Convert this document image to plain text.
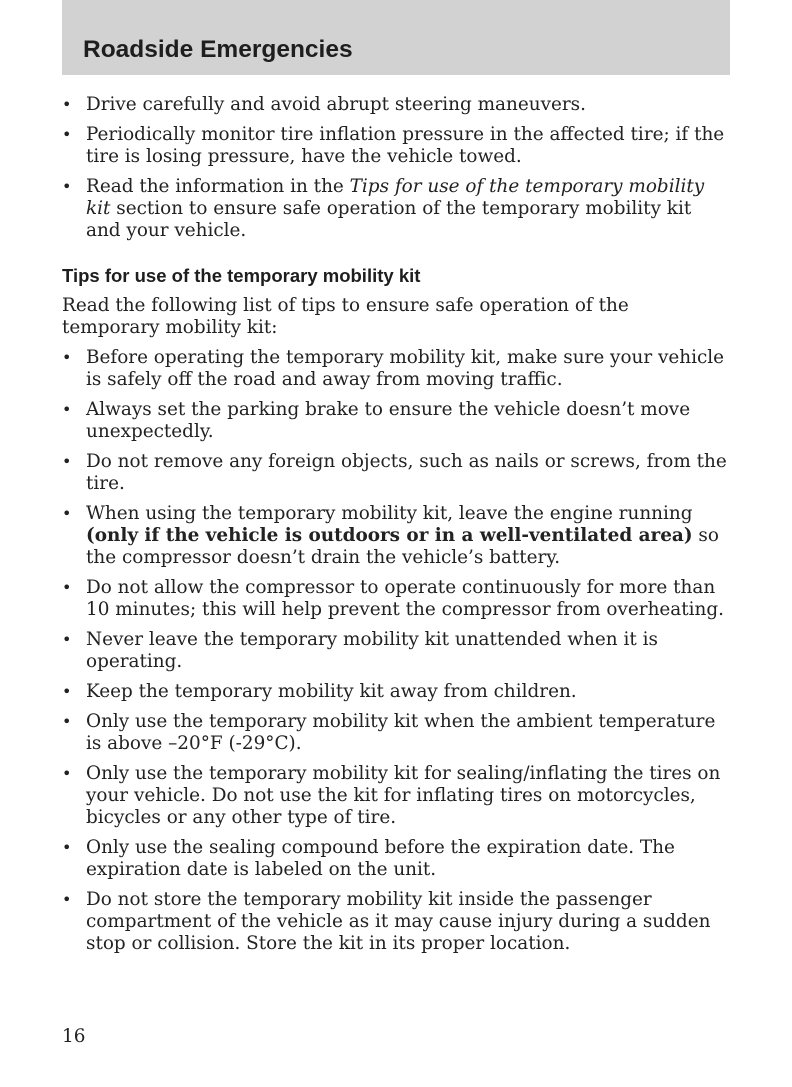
Roadside Emergencies
• Drive carefully and avoid abrupt steering maneuvers.
• Periodically monitor tire inflation pressure in the affected tire; if the tire is losing pressure, have the vehicle towed.
• Read the information in the Tips for use of the temporary mobility kit section to ensure safe operation of the temporary mobility kit and your vehicle.
Tips for use of the temporary mobility kit

Read the following list of tips to ensure safe operation of the temporary mobility kit:

• Before operating the temporary mobility kit, make sure your vehicle is safely off the road and away from moving traffic.
• Always set the parking brake to ensure the vehicle doesn’t move unexpectedly.
• Do not remove any foreign objects, such as nails or screws, from the tire.
• When using the temporary mobility kit, leave the engine running (only if the vehicle is outdoors or in a well-ventilated area) so the compressor doesn’t drain the vehicle’s battery.
• Do not allow the compressor to operate continuously for more than 10 minutes; this will help prevent the compressor from overheating.
• Never leave the temporary mobility kit unattended when it is operating.
• Keep the temporary mobility kit away from children.
• Only use the temporary mobility kit when the ambient temperature is above –20°F (-29°C).
• Only use the temporary mobility kit for sealing/inflating the tires on your vehicle. Do not use the kit for inflating tires on motorcycles, bicycles or any other type of tire.
• Only use the sealing compound before the expiration date. The expiration date is labeled on the unit.
• Do not store the temporary mobility kit inside the passenger compartment of the vehicle as it may cause injury during a sudden stop or collision. Store the kit in its proper location.
16
